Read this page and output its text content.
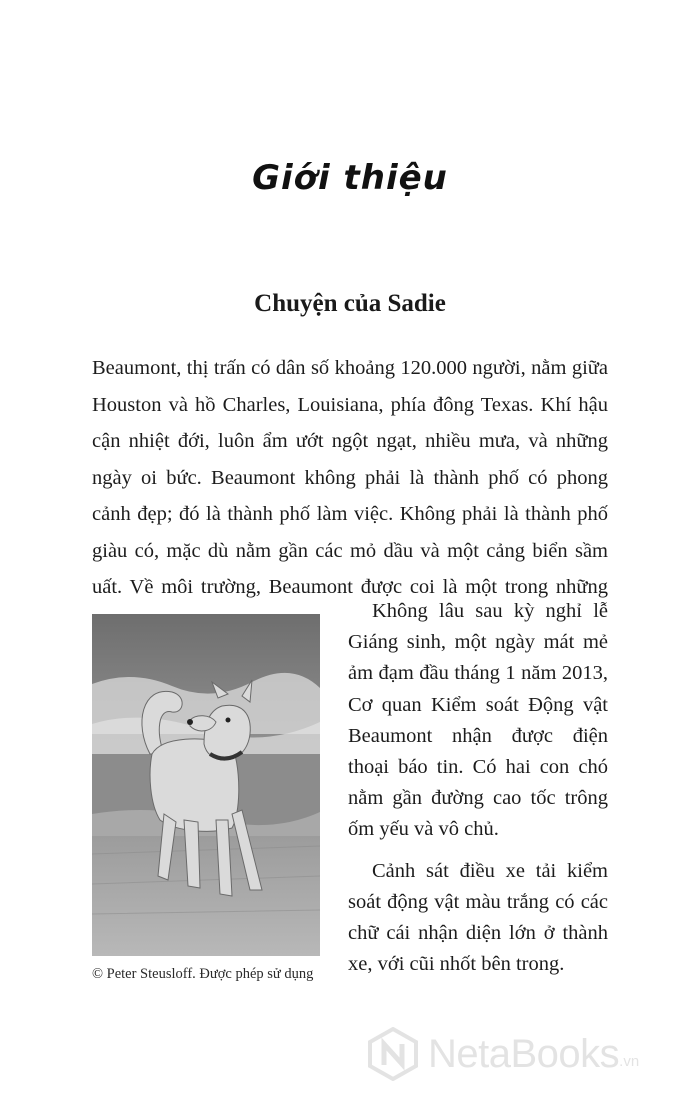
Giới thiệu
Chuyện của Sadie

Beaumont, thị trấn có dân số khoảng 120.000 người, nằm giữa Houston và hồ Charles, Louisiana, phía đông Texas. Khí hậu cận nhiệt đới, luôn ẩm ướt ngột ngạt, nhiều mưa, và những ngày oi bức. Beaumont không phải là thành phố có phong cảnh đẹp; đó là thành phố làm việc. Không phải là thành phố giàu có, mặc dù nằm gần các mỏ dầu và một cảng biển sầm uất. Về môi trường, Beaumont được coi là một trong những

© Peter Steusloff. Được phép sử dụng

Không lâu sau kỳ nghỉ lễ Giáng sinh, một ngày mát mẻ ảm đạm đầu tháng 1 năm 2013, Cơ quan Kiểm soát Động vật Beaumont nhận được điện thoại báo tin. Có hai con chó nằm gần đường cao tốc trông ốm yếu và vô chủ.

Cảnh sát điều xe tải kiểm soát động vật màu trắng có các chữ cái nhận diện lớn ở thành xe, với cũi nhốt bên trong.

NetaBooks .vn
